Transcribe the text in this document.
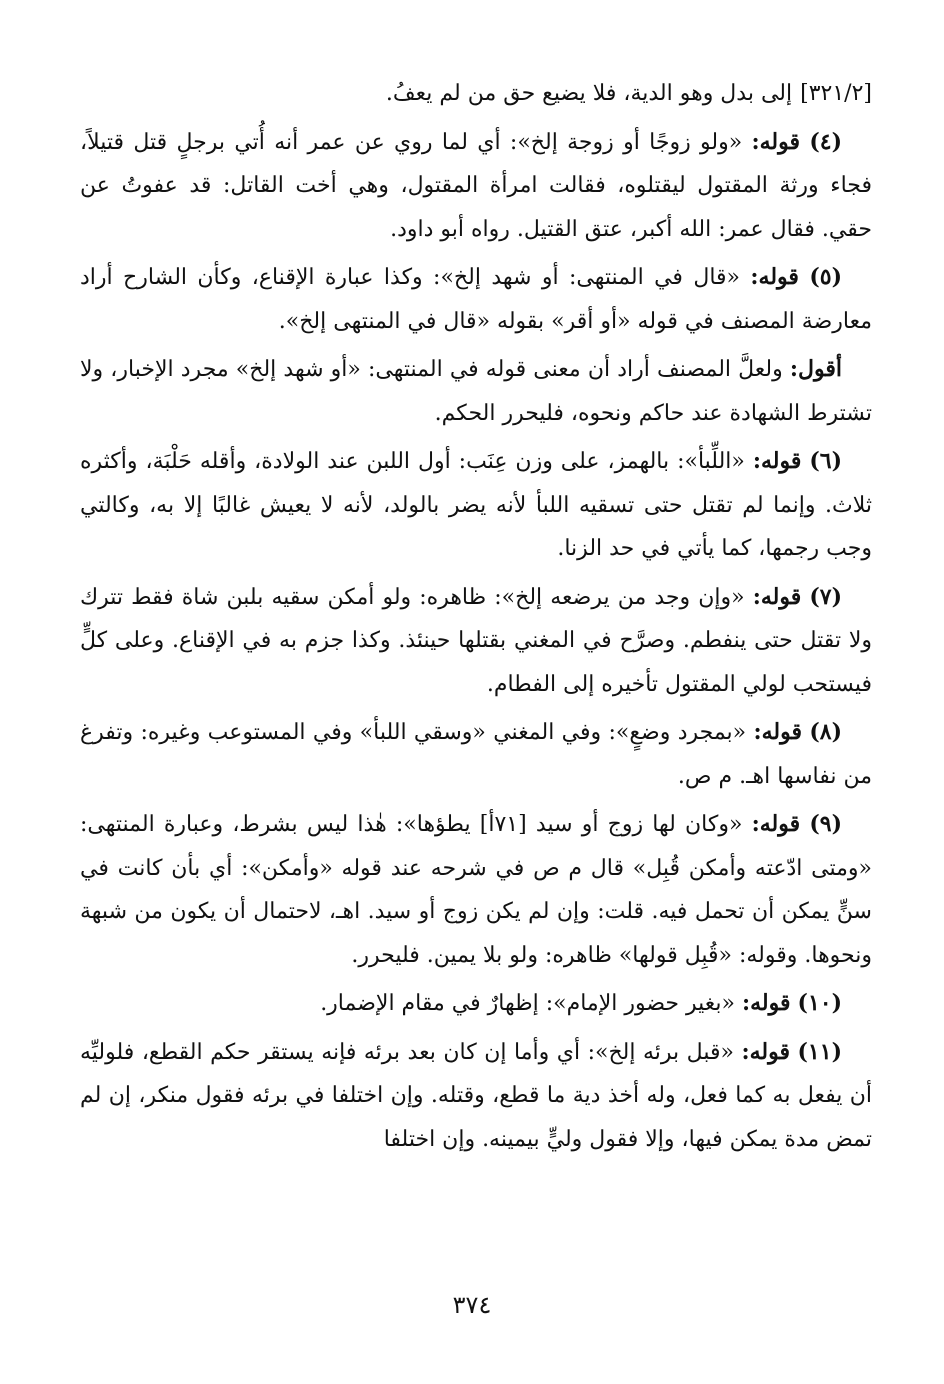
[٣٢١/٢]إلى بدل وهو الدية، فلا يضيع حق من لم يعفُ.

(٤) قوله: «ولو زوجًا أو زوجة إلخ»: أي لما روي عن عمر أنه أُتي برجلٍ قتل قتيلاً، فجاء ورثة المقتول ليقتلوه، فقالت امرأة المقتول، وهي أخت القاتل: قد عفوتُ عن حقي. فقال عمر: الله أكبر، عتق القتيل. رواه أبو داود.

(٥) قوله: «قال في المنتهى: أو شهد إلخ»: وكذا عبارة الإقناع، وكأن الشارح أراد معارضة المصنف في قوله «أو أقر» بقوله «قال في المنتهى إلخ».

أقول: ولعلَّ المصنف أراد أن معنى قوله في المنتهى: «أو شهد إلخ» مجرد الإخبار، ولا تشترط الشهادة عند حاكم ونحوه، فليحرر الحكم.

(٦) قوله: «اللِّبأ»: بالهمز، على وزن عِنَب: أول اللبن عند الولادة، وأقله حَلْبَة، وأكثره ثلاث. وإنما لم تقتل حتى تسقيه اللبأ لأنه يضر بالولد، لأنه لا يعيش غالبًا إلا به، وكالتي وجب رجمها، كما يأتي في حد الزنا.

(٧) قوله: «وإن وجد من يرضعه إلخ»: ظاهره: ولو أمكن سقيه بلبن شاة فقط تترك ولا تقتل حتى ينفطم. وصرَّح في المغني بقتلها حينئذ. وكذا جزم به في الإقناع. وعلى كلٍّ فيستحب لولي المقتول تأخيره إلى الفطام.

(٨) قوله: «بمجرد وضعٍ»: وفي المغني «وسقي اللبأ» وفي المستوعب وغيره: وتفرغ من نفاسها اهـ. م ص.

(٩) قوله: «وكان لها زوج أو سيد [٧١أ] يطؤها»: هٰذا ليس بشرط، وعبارة المنتهى: «ومتى ادّعته وأمكن قُبِل» قال م ص في شرحه عند قوله «وأمكن»: أي بأن كانت في سنٍّ يمكن أن تحمل فيه. قلت: وإن لم يكن زوج أو سيد. اهـ، لاحتمال أن يكون من شبهة ونحوها. وقوله: «قُبِل قولها» ظاهره: ولو بلا يمين. فليحرر.

(١٠) قوله: «بغير حضور الإمام»: إظهارٌ في مقام الإضمار.

(١١) قوله: «قبل برئه إلخ»: أي وأما إن كان بعد برئه فإنه يستقر حكم القطع، فلوليِّه أن يفعل به كما فعل، وله أخذ دية ما قطع، وقتله. وإن اختلفا في برئه فقول منكر، إن لم تمض مدة يمكن فيها، وإلا فقول وليٍّ بيمينه. وإن اختلفا

٣٧٤
